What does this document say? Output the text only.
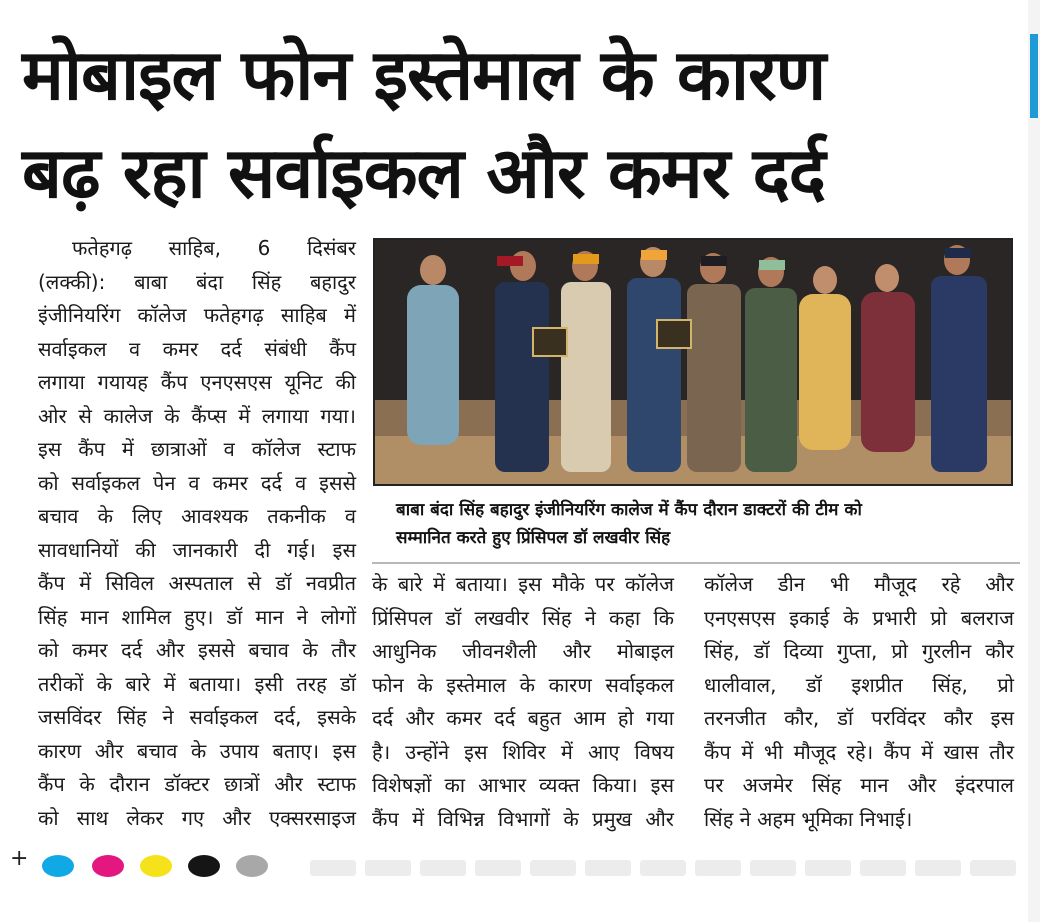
मोबाइल फोन इस्तेमाल के कारण
बढ़ रहा सर्वाइकल और कमर दर्द

फतेहगढ़ साहिब, 6 दिसंबर

(लक्की): बाबा बंदा सिंह बहादुर

इंजीनियरिंग कॉलेज फतेहगढ़ साहिब में

सर्वाइकल व कमर दर्द संबंधी कैंप

लगाया गयायह कैंप एनएसएस यूनिट की

ओर से कालेज के कैंप्स में लगाया गया।

इस कैंप में छात्राओं व कॉलेज स्टाफ

को सर्वाइकल पेन व कमर दर्द व इससे

बचाव के लिए आवश्यक तकनीक व

सावधानियों की जानकारी दी गई। इस

कैंप में सिविल अस्पताल से डॉ नवप्रीत

सिंह मान शामिल हुए। डॉ मान ने लोगों

को कमर दर्द और इससे बचाव के तौर

तरीकों के बारे में बताया। इसी तरह डॉ

जसविंदर सिंह ने सर्वाइकल दर्द, इसके

कारण और बचाव के उपाय बताए। इस

कैंप के दौरान डॉक्टर छात्रों और स्टाफ

को साथ लेकर गए और एक्सरसाइज

बाबा बंदा सिंह बहादुर इंजीनियरिंग कालेज में कैंप दौरान डाक्टरों की टीम को
सम्मानित करते हुए प्रिंसिपल डॉ लखवीर सिंह

के बारे में बताया। इस मौके पर कॉलेज

प्रिंसिपल डॉ लखवीर सिंह ने कहा कि

आधुनिक जीवनशैली और मोबाइल

फोन के इस्तेमाल के कारण सर्वाइकल

दर्द और कमर दर्द बहुत आम हो गया

है। उन्होंने इस शिविर में आए विषय

विशेषज्ञों का आभार व्यक्त किया। इस

कैंप में विभिन्न विभागों के प्रमुख और

कॉलेज डीन भी मौजूद रहे और

एनएसएस इकाई के प्रभारी प्रो बलराज

सिंह, डॉ दिव्या गुप्ता, प्रो गुरलीन कौर

धालीवाल, डॉ इशप्रीत सिंह, प्रो

तरनजीत कौर, डॉ परविंदर कौर इस

कैंप में भी मौजूद रहे। कैंप में खास तौर

पर अजमेर सिंह मान और इंदरपाल

सिंह ने अहम भूमिका निभाई।

+
